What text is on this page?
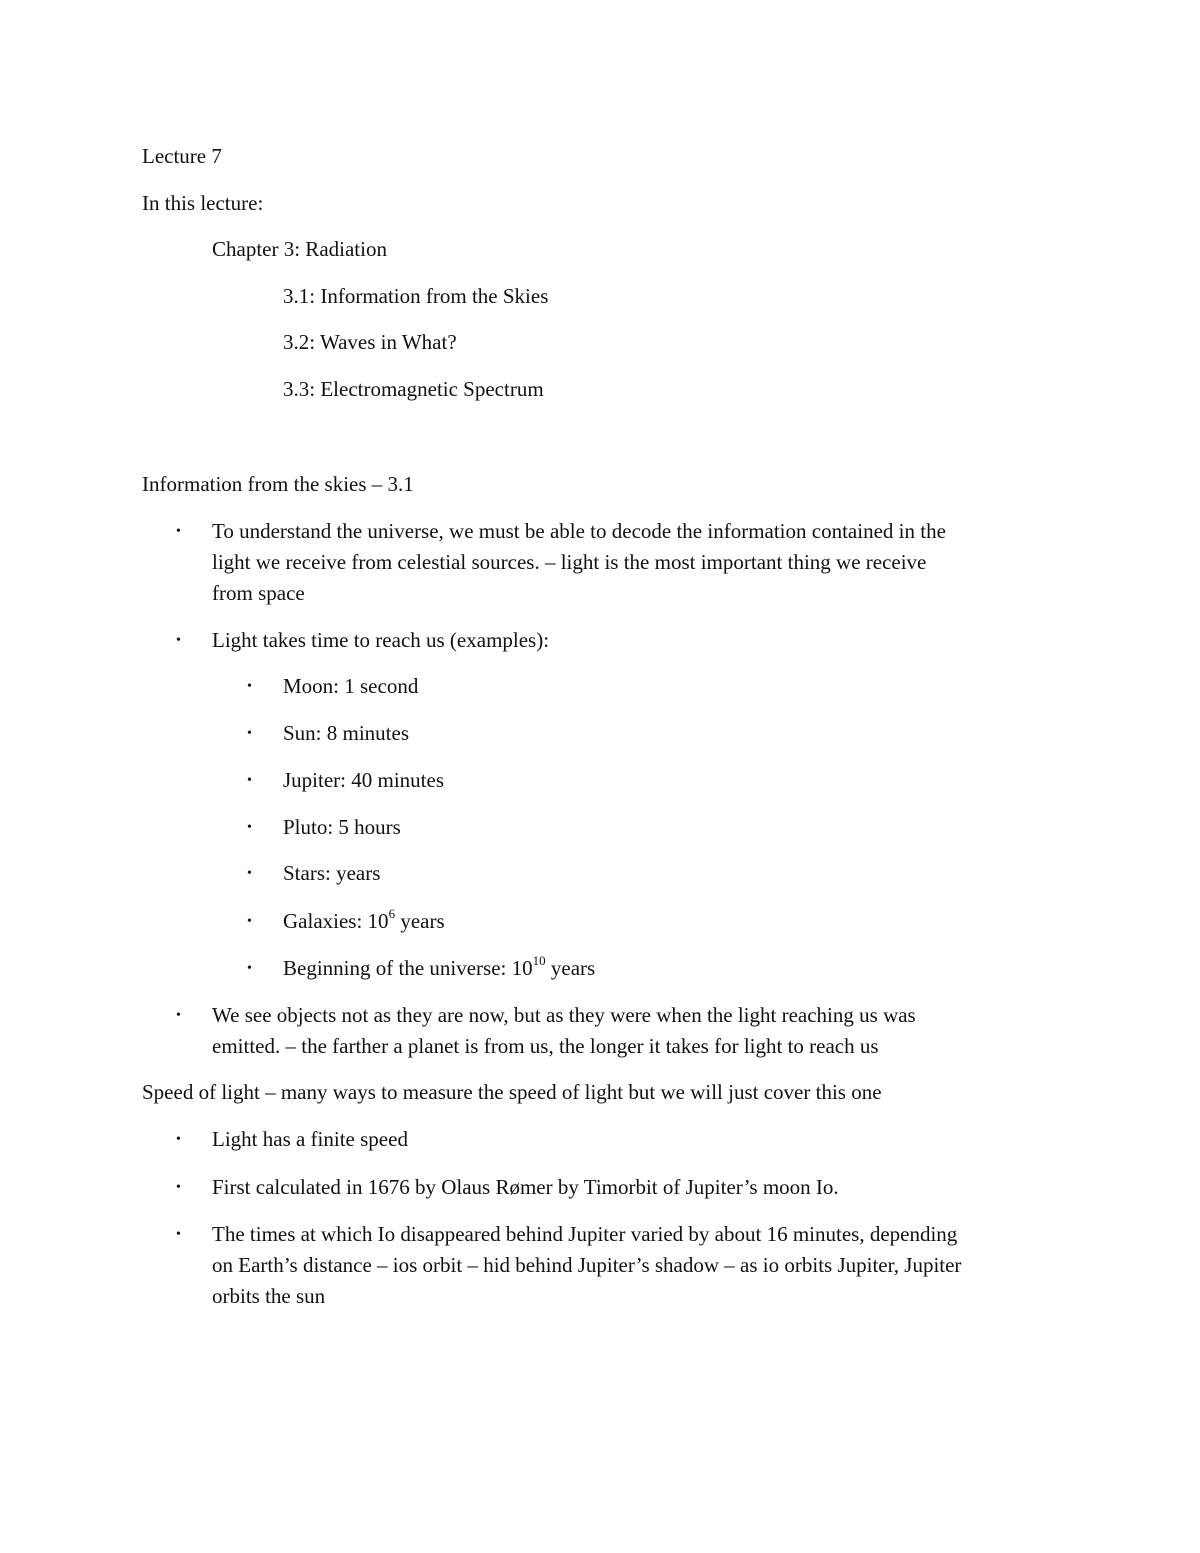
Lecture 7
In this lecture:
Chapter 3: Radiation
3.1: Information from the Skies
3.2: Waves in What?
3.3: Electromagnetic Spectrum
Information from the skies – 3.1
• To understand the universe, we must be able to decode the information contained in the
light we receive from celestial sources. – light is the most important thing we receive
from space
• Light takes time to reach us (examples):
• Moon: 1 second
• Sun: 8 minutes
• Jupiter: 40 minutes
• Pluto: 5 hours
• Stars: years
• Galaxies: $10^6$ years
• Beginning of the universe: $10^{10}$ years
• We see objects not as they are now, but as they were when the light reaching us was
emitted. – the farther a planet is from us, the longer it takes for light to reach us
Speed of light – many ways to measure the speed of light but we will just cover this one
• Light has a finite speed
• First calculated in 1676 by Olaus Rømer by Timorbit of Jupiter’s moon Io.
• The times at which Io disappeared behind Jupiter varied by about 16 minutes, depending
on Earth’s distance – ios orbit – hid behind Jupiter’s shadow – as io orbits Jupiter, Jupiter
orbits the sun
